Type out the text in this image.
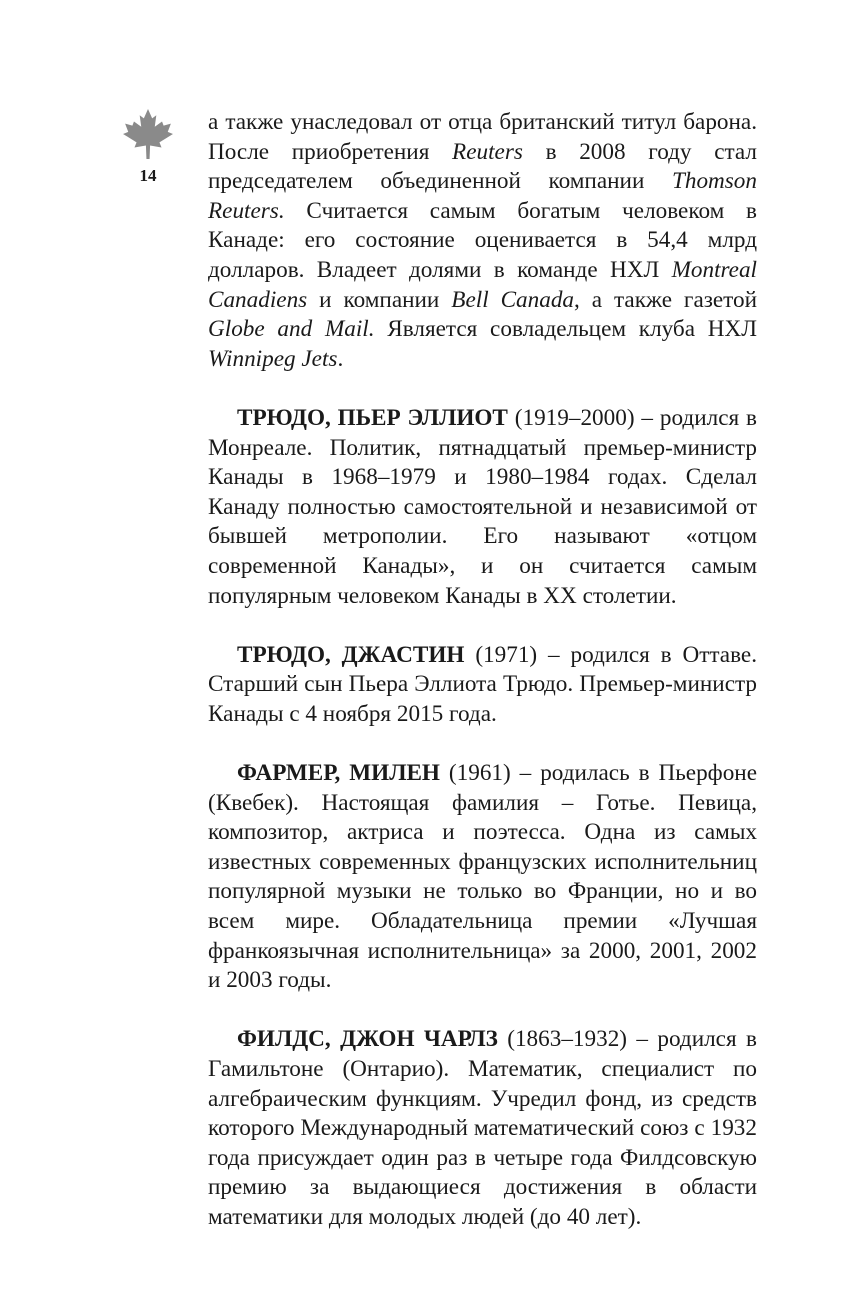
14

а также унаследовал от отца британский титул барона. После приобретения Reuters в 2008 году стал председателем объединенной компании Thomson Reuters. Считается самым богатым человеком в Канаде: его состояние оценивается в 54,4 млрд долларов. Владеет долями в команде НХЛ Montreal Canadiens и компании Bell Canada, а также газетой Globe and Mail. Является совладельцем клуба НХЛ Winnipeg Jets.

ТРЮДО, ПЬЕР ЭЛЛИОТ (1919–2000) – родился в Монреале. Политик, пятнадцатый премьер-министр Канады в 1968–1979 и 1980–1984 годах. Сделал Канаду полностью самостоятельной и независимой от бывшей метрополии. Его называют «отцом современной Канады», и он считается самым популярным человеком Канады в XX столетии.

ТРЮДО, ДЖАСТИН (1971) – родился в Оттаве. Старший сын Пьера Эллиота Трюдо. Премьер-министр Канады с 4 ноября 2015 года.

ФАРМЕР, МИЛЕН (1961) – родилась в Пьерфоне (Квебек). Настоящая фамилия – Готье. Певица, композитор, актриса и поэтесса. Одна из самых известных современных французских исполнительниц популярной музыки не только во Франции, но и во всем мире. Обладательница премии «Лучшая франкоязычная исполнительница» за 2000, 2001, 2002 и 2003 годы.

ФИЛДС, ДЖОН ЧАРЛЗ (1863–1932) – родился в Гамильтоне (Онтарио). Математик, специалист по алгебраическим функциям. Учредил фонд, из средств которого Международный математический союз с 1932 года присуждает один раз в четыре года Филдсовскую премию за выдающиеся достижения в области математики для молодых людей (до 40 лет).
